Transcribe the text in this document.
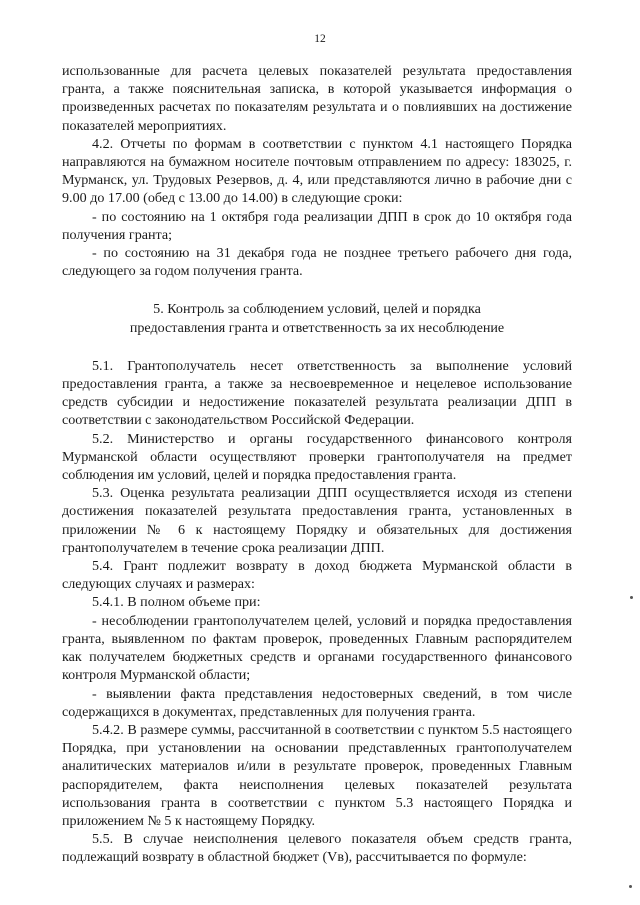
12

использованные для расчета целевых показателей результата предоставления гранта, а также пояснительная записка, в которой указывается информация о произведенных расчетах по показателям результата и о повлиявших на достижение показателей мероприятиях.

4.2. Отчеты по формам в соответствии с пунктом 4.1 настоящего Порядка направляются на бумажном носителе почтовым отправлением по адресу: 183025, г. Мурманск, ул. Трудовых Резервов, д. 4, или представляются лично в рабочие дни с 9.00 до 17.00 (обед с 13.00 до 14.00) в следующие сроки:

- по состоянию на 1 октября года реализации ДПП в срок до 10 октября года получения гранта;

- по состоянию на 31 декабря года не позднее третьего рабочего дня года, следующего за годом получения гранта.

5. Контроль за соблюдением условий, целей и порядка
предоставления гранта и ответственность за их несоблюдение

5.1. Грантополучатель несет ответственность за выполнение условий предоставления гранта, а также за несвоевременное и нецелевое использование средств субсидии и недостижение показателей результата реализации ДПП в соответствии с законодательством Российской Федерации.

5.2. Министерство и органы государственного финансового контроля Мурманской области осуществляют проверки грантополучателя на предмет соблюдения им условий, целей и порядка предоставления гранта.

5.3. Оценка результата реализации ДПП осуществляется исходя из степени достижения показателей результата предоставления гранта, установленных в приложении № 6 к настоящему Порядку и обязательных для достижения грантополучателем в течение срока реализации ДПП.

5.4. Грант подлежит возврату в доход бюджета Мурманской области в следующих случаях и размерах:

5.4.1. В полном объеме при:

- несоблюдении грантополучателем целей, условий и порядка предоставления гранта, выявленном по фактам проверок, проведенных Главным распорядителем как получателем бюджетных средств и органами государственного финансового контроля Мурманской области;

- выявлении факта представления недостоверных сведений, в том числе содержащихся в документах, представленных для получения гранта.

5.4.2. В размере суммы, рассчитанной в соответствии с пунктом 5.5 настоящего Порядка, при установлении на основании представленных грантополучателем аналитических материалов и/или в результате проверок, проведенных Главным распорядителем, факта неисполнения целевых показателей результата использования гранта в соответствии с пунктом 5.3 настоящего Порядка и приложением № 5 к настоящему Порядку.

5.5. В случае неисполнения целевого показателя объем средств гранта, подлежащий возврату в областной бюджет (Vв), рассчитывается по формуле:
